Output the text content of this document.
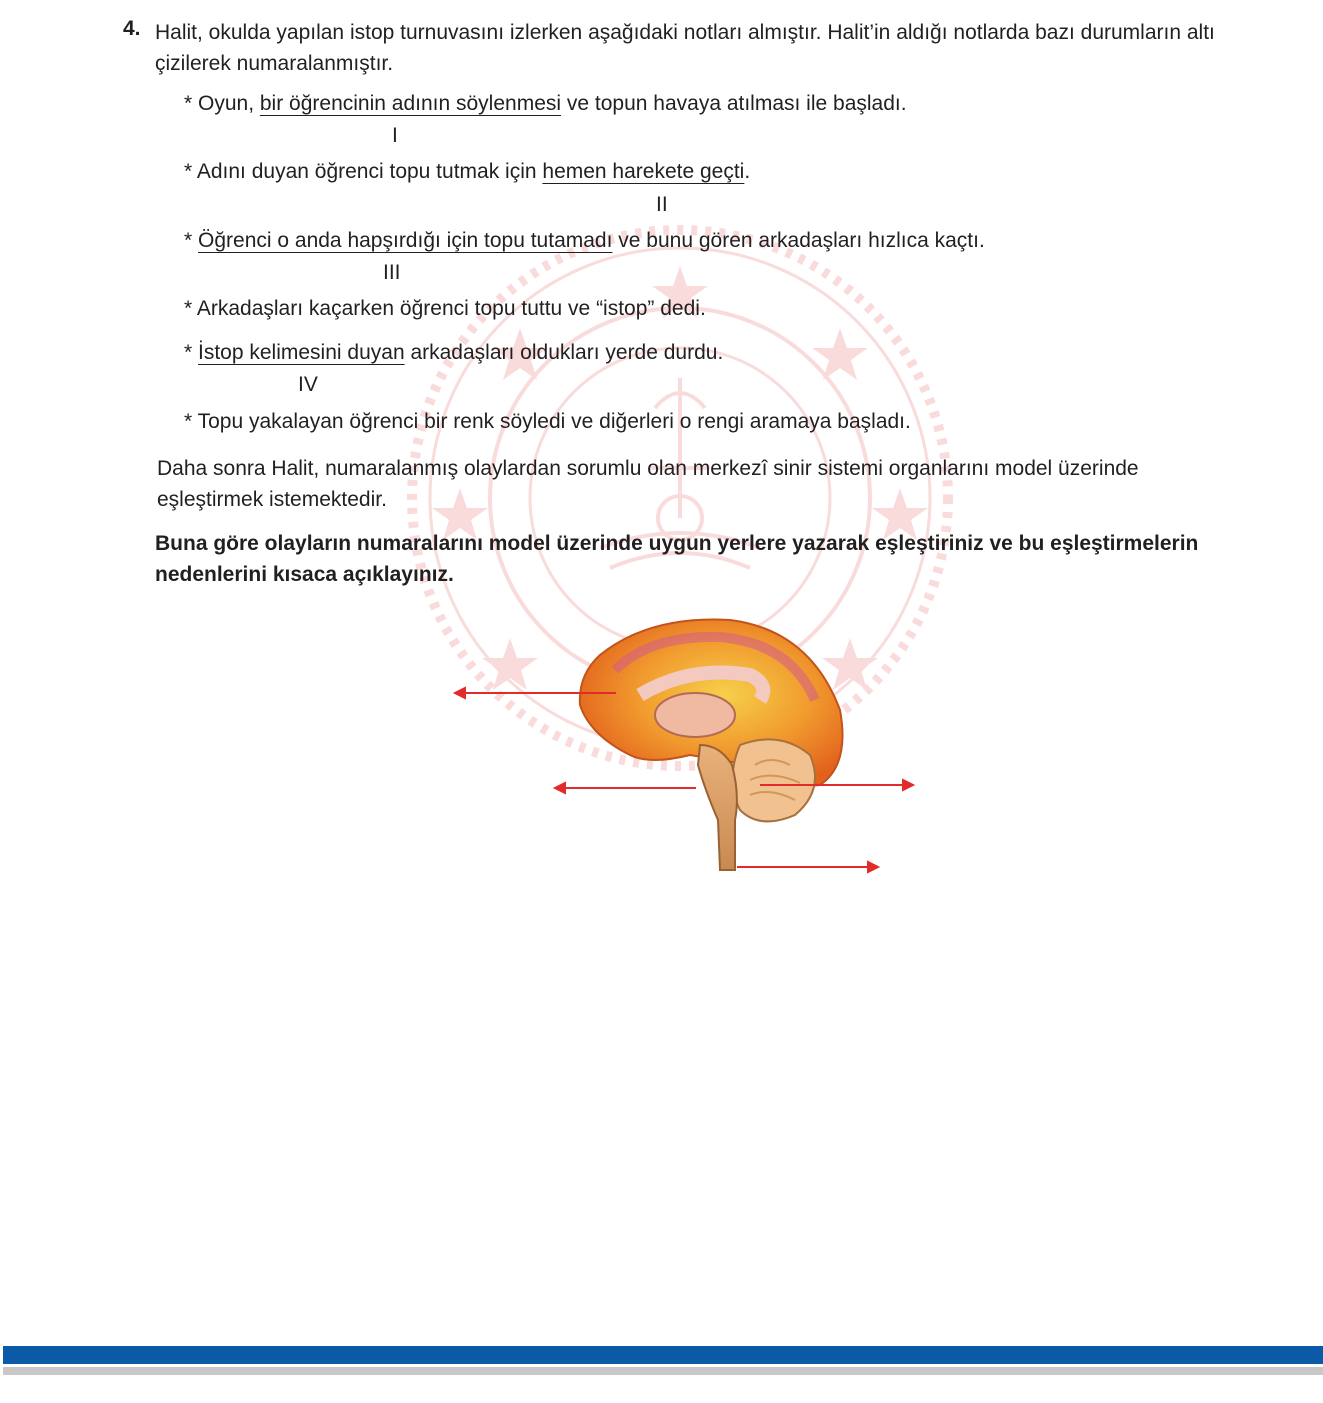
4. Halit, okulda yapılan istop turnuvasını izlerken aşağıdaki notları almıştır. Halit’in aldığı notlarda bazı durumların altı çizilerek numaralanmıştır.
* Oyun, bir öğrencinin adının söylenmesi ve topun havaya atılması ile başladı.
I
* Adını duyan öğrenci topu tutmak için hemen harekete geçti.
II
* Öğrenci o anda hapşırdığı için topu tutamadı ve bunu gören arkadaşları hızlıca kaçtı.
III
* Arkadaşları kaçarken öğrenci topu tuttu ve “istop” dedi.
* İstop kelimesini duyan arkadaşları oldukları yerde durdu.
IV
* Topu yakalayan öğrenci bir renk söyledi ve diğerleri o rengi aramaya başladı.
Daha sonra Halit, numaralanmış olaylardan sorumlu olan merkezî sinir sistemi organlarını model üzerinde eşleştirmek istemektedir.
Buna göre olayların numaralarını model üzerinde uygun yerlere yazarak eşleştiriniz ve bu eşleştirmelerin nedenlerini kısaca açıklayınız.
